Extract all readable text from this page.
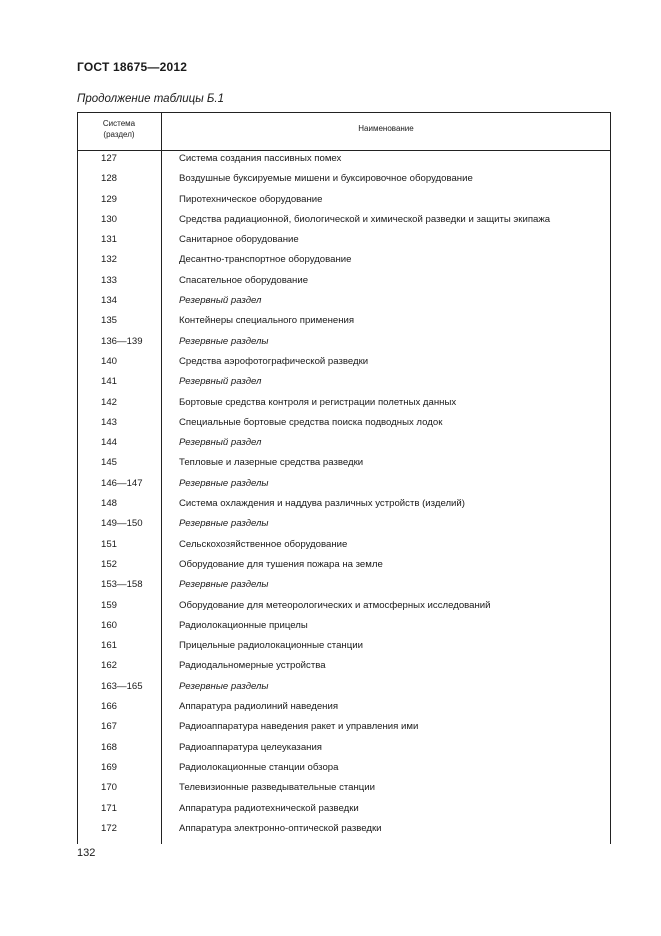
ГОСТ 18675—2012
Продолжение таблицы Б.1
Система
(раздел)
Наименование
127	Система создания пассивных помех
128	Воздушные буксируемые мишени и буксировочное оборудование
129	Пиротехническое оборудование
130	Средства радиационной, биологической и химической разведки и защиты экипажа
131	Санитарное оборудование
132	Десантно-транспортное оборудование
133	Спасательное оборудование
134	Резервный раздел
135	Контейнеры специального применения
136—139	Резервные разделы
140	Средства аэрофотографической разведки
141	Резервный раздел
142	Бортовые средства контроля и регистрации полетных данных
143	Специальные бортовые средства поиска подводных лодок
144	Резервный раздел
145	Тепловые и лазерные средства разведки
146—147	Резервные разделы
148	Система охлаждения и наддува различных устройств (изделий)
149—150	Резервные разделы
151	Сельскохозяйственное оборудование
152	Оборудование для тушения пожара на земле
153—158	Резервные разделы
159	Оборудование для метеорологических и атмосферных исследований
160	Радиолокационные прицелы
161	Прицельные радиолокационные станции
162	Радиодальномерные устройства
163—165	Резервные разделы
166	Аппаратура радиолиний наведения
167	Радиоаппаратура наведения ракет и управления ими
168	Радиоаппаратура целеуказания
169	Радиолокационные станции обзора
170	Телевизионные разведывательные станции
171	Аппаратура радиотехнической разведки
172	Аппаратура электронно-оптической разведки
132
